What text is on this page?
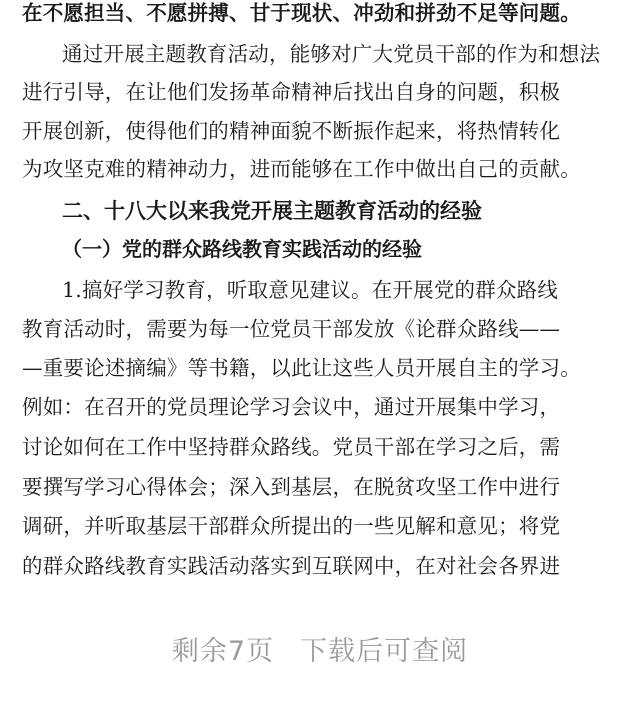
在不愿担当、不愿拼搏、甘于现状、冲劲和拼劲不足等问题。
通过开展主题教育活动，能够对广大党员干部的作为和想法
进行引导，在让他们发扬革命精神后找出自身的问题，积极
开展创新，使得他们的精神面貌不断振作起来，将热情转化
为攻坚克难的精神动力，进而能够在工作中做出自己的贡献。
二、十八大以来我党开展主题教育活动的经验
（一）党的群众路线教育实践活动的经验
1.搞好学习教育，听取意见建议。在开展党的群众路线
教育活动时，需要为每一位党员干部发放《论群众路线——
—重要论述摘编》等书籍，以此让这些人员开展自主的学习。
例如：在召开的党员理论学习会议中，通过开展集中学习，
讨论如何在工作中坚持群众路线。党员干部在学习之后，需
要撰写学习心得体会；深入到基层，在脱贫攻坚工作中进行
调研，并听取基层干部群众所提出的一些见解和意见；将党
的群众路线教育实践活动落实到互联网中，在对社会各界进
剩余7页 下载后可查阅
